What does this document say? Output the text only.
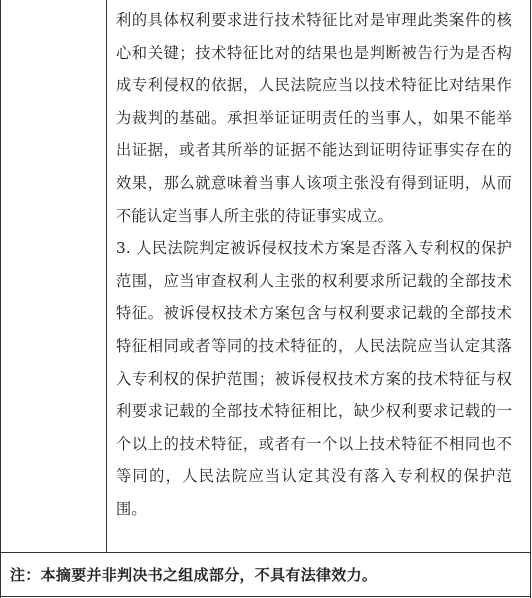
利的具体权利要求进行技术特征比对是审理此类案件的核心和关键；技术特征比对的结果也是判断被告行为是否构成专利侵权的依据，人民法院应当以技术特征比对结果作为裁判的基础。承担举证证明责任的当事人，如果不能举出证据，或者其所举的证据不能达到证明待证事实存在的效果，那么就意味着当事人该项主张没有得到证明，从而不能认定当事人所主张的待证事实成立。

3. 人民法院判定被诉侵权技术方案是否落入专利权的保护范围，应当审查权利人主张的权利要求所记载的全部技术特征。被诉侵权技术方案包含与权利要求记载的全部技术特征相同或者等同的技术特征的，人民法院应当认定其落入专利权的保护范围；被诉侵权技术方案的技术特征与权利要求记载的全部技术特征相比，缺少权利要求记载的一个以上的技术特征，或者有一个以上技术特征不相同也不等同的，人民法院应当认定其没有落入专利权的保护范围。

注：本摘要并非判决书之组成部分，不具有法律效力。
